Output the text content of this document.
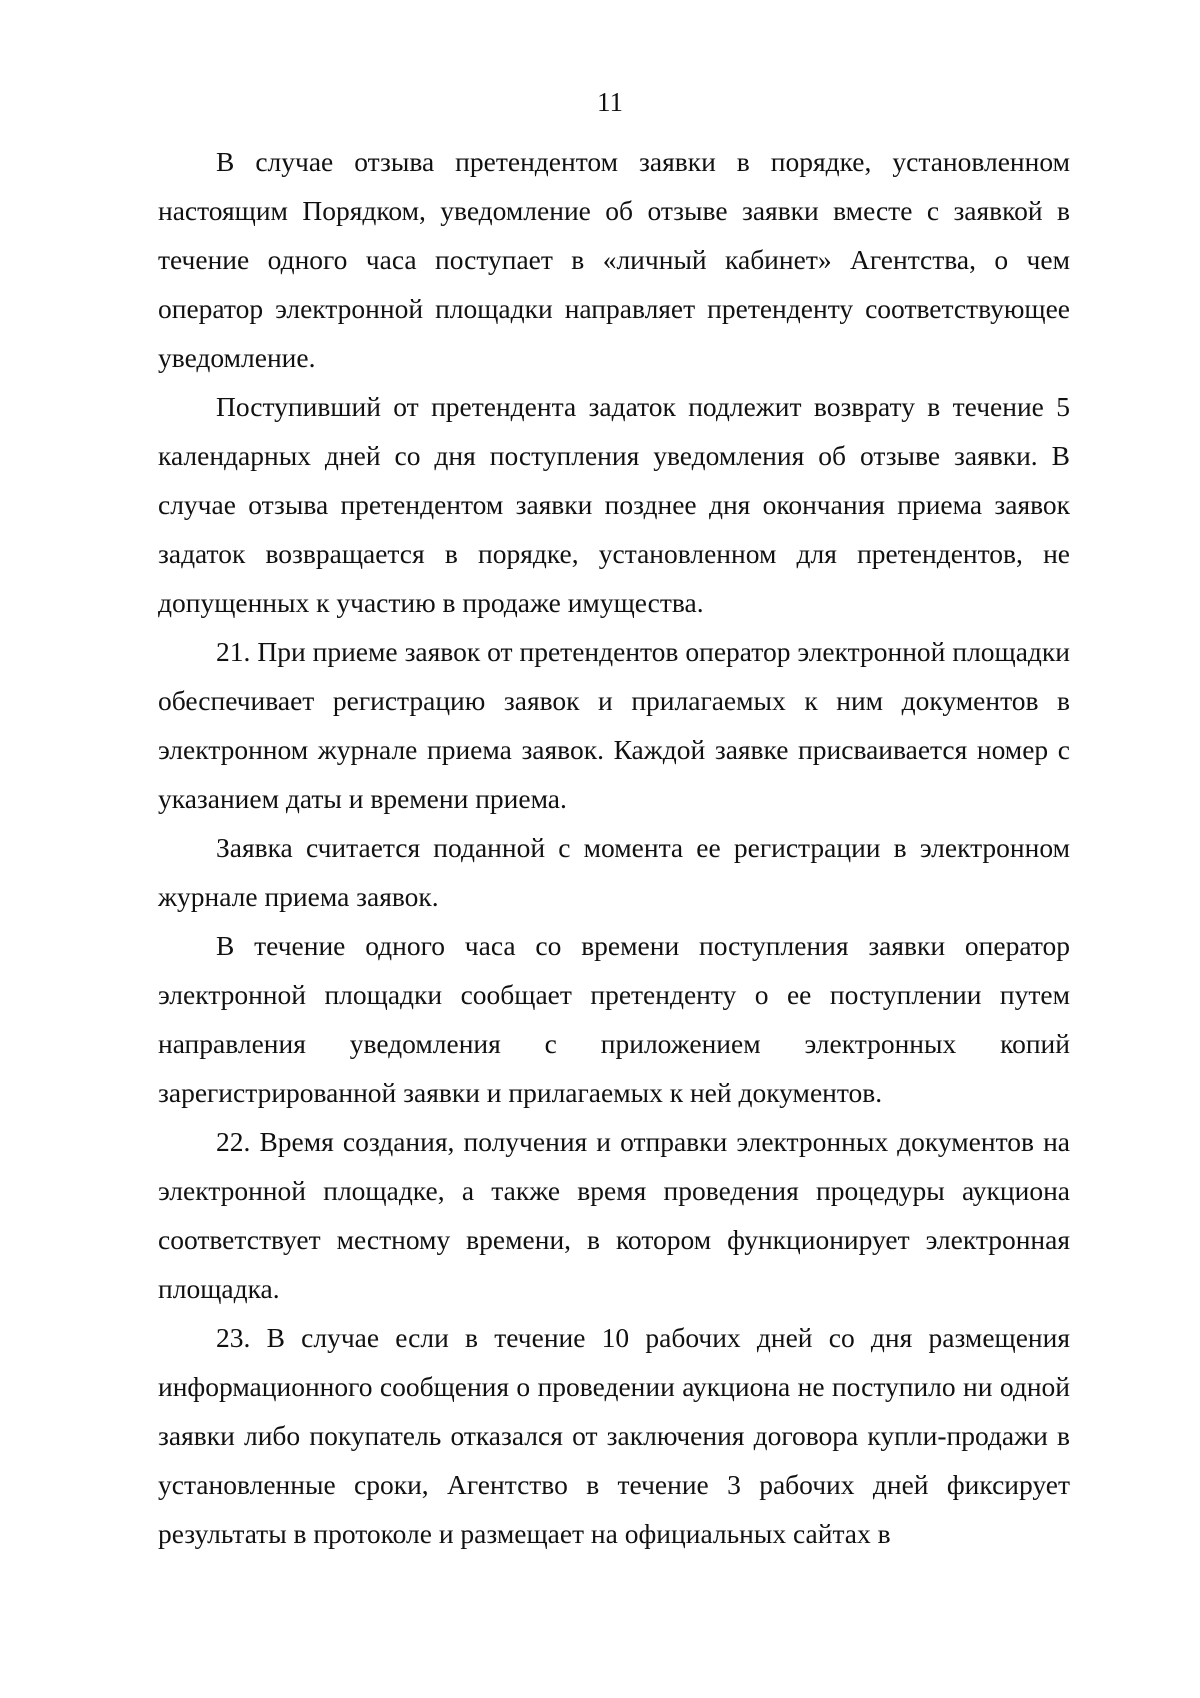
11

В случае отзыва претендентом заявки в порядке, установленном настоящим Порядком, уведомление об отзыве заявки вместе с заявкой в течение одного часа поступает в «личный кабинет» Агентства, о чем оператор электронной площадки направляет претенденту соответствующее уведомление.

Поступивший от претендента задаток подлежит возврату в течение 5 календарных дней со дня поступления уведомления об отзыве заявки. В случае отзыва претендентом заявки позднее дня окончания приема заявок задаток возвращается в порядке, установленном для претендентов, не допущенных к участию в продаже имущества.

21. При приеме заявок от претендентов оператор электронной площадки обеспечивает регистрацию заявок и прилагаемых к ним документов в электронном журнале приема заявок. Каждой заявке присваивается номер с указанием даты и времени приема.

Заявка считается поданной с момента ее регистрации в электронном журнале приема заявок.

В течение одного часа со времени поступления заявки оператор электронной площадки сообщает претенденту о ее поступлении путем направления уведомления с приложением электронных копий зарегистрированной заявки и прилагаемых к ней документов.

22. Время создания, получения и отправки электронных документов на электронной площадке, а также время проведения процедуры аукциона соответствует местному времени, в котором функционирует электронная площадка.

23. В случае если в течение 10 рабочих дней со дня размещения информационного сообщения о проведении аукциона не поступило ни одной заявки либо покупатель отказался от заключения договора купли-продажи в установленные сроки, Агентство в течение 3 рабочих дней фиксирует результаты в протоколе и размещает на официальных сайтах в
